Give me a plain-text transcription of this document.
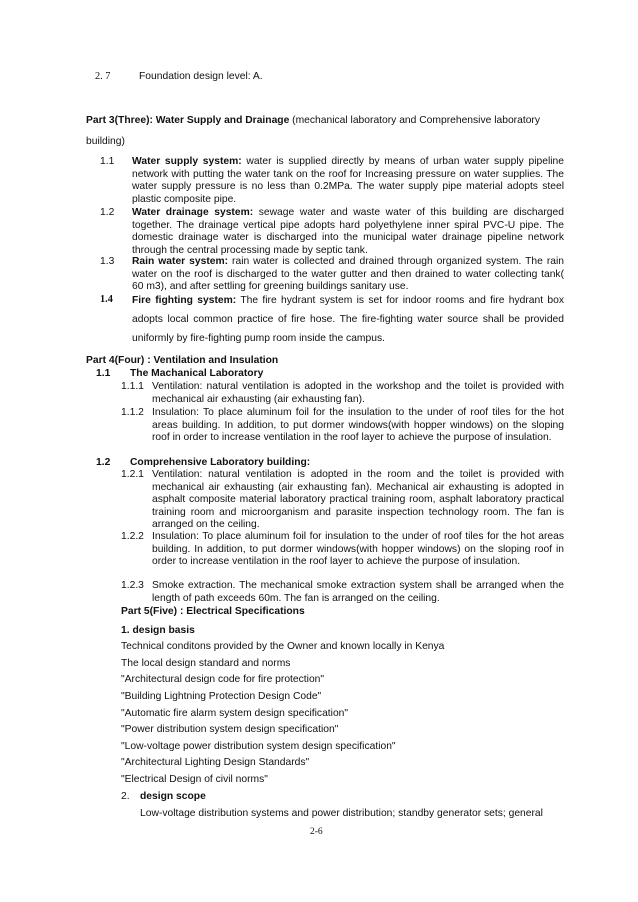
2. 7	Foundation design level: A.
Part 3(Three): Water Supply and Drainage (mechanical laboratory and Comprehensive laboratory
building)
1.1 Water supply system: water is supplied directly by means of urban water supply pipeline network with putting the water tank on the roof for Increasing pressure on water supplies. The water supply pressure is no less than 0.2MPa. The water supply pipe material adopts steel plastic composite pipe.
1.2 Water drainage system: sewage water and waste water of this building are discharged together. The drainage vertical pipe adopts hard polyethylene inner spiral PVC-U pipe. The domestic drainage water is discharged into the municipal water drainage pipeline network through the central processing made by septic tank.
1.3 Rain water system: rain water is collected and drained through organized system. The rain water on the roof is discharged to the water gutter and then drained to water collecting tank( 60 m3), and after settling for greening buildings sanitary use.
1.4 Fire fighting system: The fire hydrant system is set for indoor rooms and fire hydrant box adopts local common practice of fire hose. The fire-fighting water source shall be provided uniformly by fire-fighting pump room inside the campus.
Part 4(Four) : Ventilation and Insulation
1.1 The Machanical Laboratory
1.1.1 Ventilation: natural ventilation is adopted in the workshop and the toilet is provided with mechanical air exhausting (air exhausting fan).
1.1.2 Insulation: To place aluminum foil for the insulation to the under of roof tiles for the hot areas building. In addition, to put dormer windows(with hopper windows) on the sloping roof in order to increase ventilation in the roof layer to achieve the purpose of insulation.
1.2 Comprehensive Laboratory building:
1.2.1 Ventilation: natural ventilation is adopted in the room and the toilet is provided with mechanical air exhausting (air exhausting fan). Mechanical air exhausting is adopted in asphalt composite material laboratory practical training room, asphalt laboratory practical training room and microorganism and parasite inspection technology room. The fan is arranged on the ceiling.
1.2.2 Insulation: To place aluminum foil for insulation to the under of roof tiles for the hot areas building. In addition, to put dormer windows(with hopper windows) on the sloping roof in order to increase ventilation in the roof layer to achieve the purpose of insulation.
1.2.3 Smoke extraction. The mechanical smoke extraction system shall be arranged when the length of path exceeds 60m. The fan is arranged on the ceiling.
Part 5(Five) : Electrical Specifications
1. design basis
Technical conditons provided by the Owner and known locally in Kenya
The local design standard and norms
"Architectural design code for fire protection"
"Building Lightning Protection Design Code"
"Automatic fire alarm system design specification"
"Power distribution system design specification"
"Low-voltage power distribution system design specification"
"Architectural Lighting Design Standards"
"Electrical Design of civil norms"
2. design scope
Low-voltage distribution systems and power distribution; standby generator sets; general
2-6
